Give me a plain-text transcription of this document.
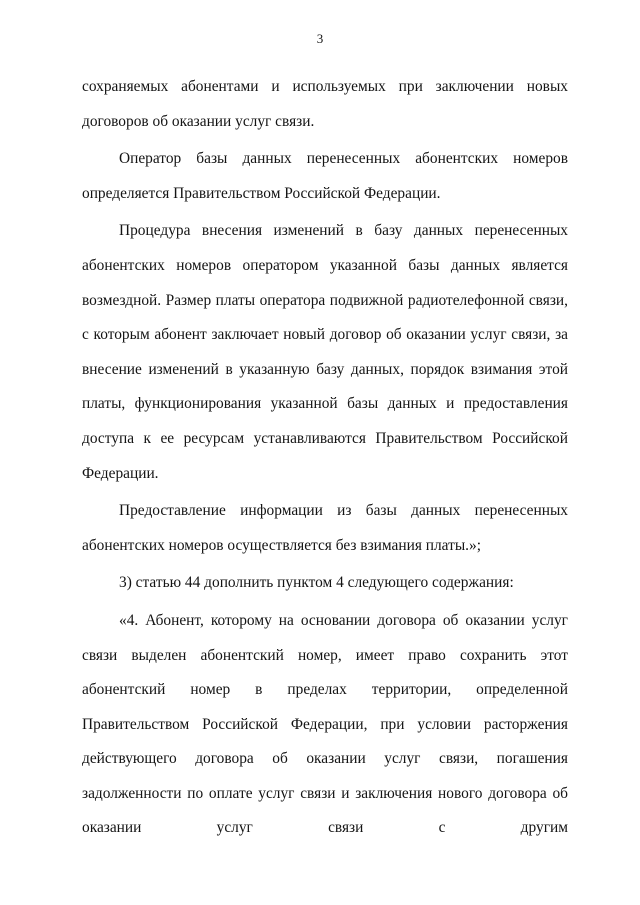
3

сохраняемых абонентами и используемых при заключении новых договоров об оказании услуг связи.

Оператор базы данных перенесенных абонентских номеров определяется Правительством Российской Федерации.

Процедура внесения изменений в базу данных перенесенных абонентских номеров оператором указанной базы данных является возмездной. Размер платы оператора подвижной радиотелефонной связи, с которым абонент заключает новый договор об оказании услуг связи, за внесение изменений в указанную базу данных, порядок взимания этой платы, функционирования указанной базы данных и предоставления доступа к ее ресурсам устанавливаются Правительством Российской Федерации.

Предоставление информации из базы данных перенесенных абонентских номеров осуществляется без взимания платы.»;

3) статью 44 дополнить пунктом 4 следующего содержания:

«4. Абонент, которому на основании договора об оказании услуг связи выделен абонентский номер, имеет право сохранить этот абонентский номер в пределах территории, определенной Правительством Российской Федерации, при условии расторжения действующего договора об оказании услуг связи, погашения задолженности по оплате услуг связи и заключения нового договора об оказании услуг связи с другим
